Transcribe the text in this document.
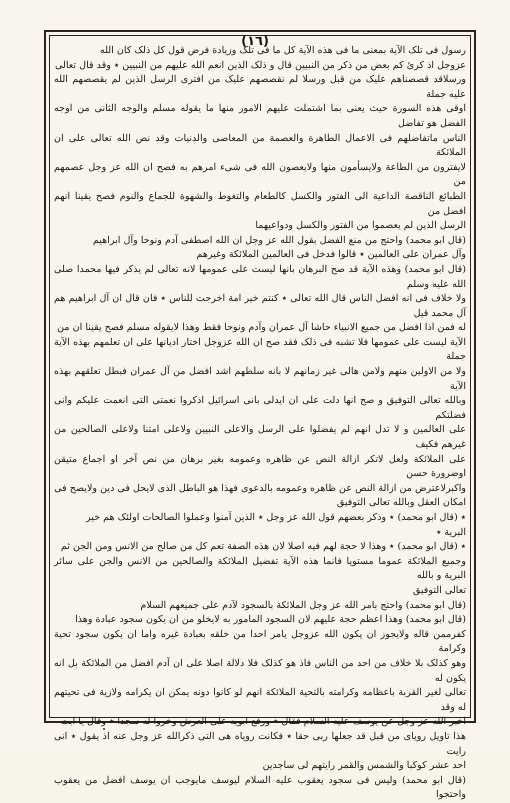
(١٦)

رسول فی تلک الآیة بمعنی ما فی هذه الآیة کل ما فی تلک وزیادة فرض قول کل ذلک کان الله

عزوجل اذ کرئ کم بعض من ذکر من النبیین قال و ذلک الذین انعم الله علیهم من النبیین ٭ وقد قال تعالی

ورسلاقد قصصناهم علیک من قبل ورسلا لم نقصصهم علیک من افتری الرسل الذین لم یقصصهم الله علیه جملة

اوقی هذه السورة حیث یعنی بما اشتملت علیهم الامور منها ما یقوله مسلم والوجه الثانی من اوجه الفضل هو تفاضل

الناس ماتفاضلهم فی الاعمال الطاهرة والعصمة من المعاصی والدنیات وقد نص الله تعالی علی ان الملائکة

لایفترون من الطاعة ولایسأمون منها ولایعصون الله فی شیء امرهم به فصح ان الله عز وجل عصمهم من

الطبائع الناقصة الداعیة الی الفتور والکسل کالطعام والتغوط والشهوة للجماع والنوم فصح یقینا انهم افضل من

الرسل الذین لم یعصموا من الفتور والکسل ودواعیهما

(قال ابو محمد) واحتج من منع الفضل بقول الله عز وجل ان الله اصطفی آدم ونوحا وآل ابراهیم

وآل عمران علی العالمین ٭ قالوا فدخل فی العالمین الملائکة وغیرهم

(قال ابو محمد) وهذه الآیة قد صح البرهان بانها لیست علی عمومها لانه تعالی لم یذکر فیها محمدا صلی الله علیه وسلم

ولا خلاف فی انه افضل الناس قال الله تعالی ٭ کنتم خیر امة اخرجت للناس ٭ فان قال ان آل ابراهیم هم آل محمد قیل

له فمن اذا افضل من جمیع الانبیاء حاشا آل عمران وآدم ونوحا فقط وهذا لایقوله مسلم فصح یقینا ان من

الآیة لیست علی عمومها فلا تشبه فی ذلک فقد صح ان الله عزوجل اختار ادیانها علی ان تعلمهم بهذه الآیة جملة

ولا من الاولین منهم ولامن هالی غیر زمانهم لا بانه سلطهم اشد افضل من آل عمران فبطل تعلقهم بهذه الآیة

وبالله تعالی التوفیق و صح انها دلت علی ان ایدلی بانی اسرائیل اذکروا نعمتی التی انعمت علیکم وانی فضلتکم

علی العالمین و لا تدل انهم لم یفضلوا علی الرسل والاعلی النبیین ولاعلی امتنا ولاعلی الصالحین من غیرهم فکیف

علی الملائکة ولعل لاتکر ازالة النص عن ظاهره وعمومه بغیر برهان من نص آخر او اجماع متیقن اوضرورة حسن

واکبرلاعترض من ازالة النص عن ظاهره وعمومه بالدعوی فهذا هو الباطل الذی لایحل فی دین ولایصح فی

امکان العقل وبالله تعالی التوفیق

٭ (قال ابو محمد) ٭ وذکر بعضهم قول الله عز وجل ٭ الذین آمنوا وعملوا الصالحات اولئک هم خیر

البریة ٭

٭ (قال ابو محمد) ٭ وهذا لا حجة لهم فیه اصلا لان هذه الصفة تعم کل من صالح من الانس ومن الجن ثم

وجمیع الملائکة عموما مستویا فانما هذه الآیة تفضیل الملائکة والصالحین من الانس والجن علی سائر البریة و بالله

تعالی التوفیق

(قال ابو محمد) واحتج بامر الله عز وجل الملائکة بالسجود لآدم علی جمیعهم السلام

(قال ابو محمد) وهذا اعظم حجة علیهم لان السجود المامور به لایخلو من ان یکون سجود عبادة وهذا

کفرممن قاله ولایجوز ان یکون الله عزوجل یامر احدا من خلقه بعبادة غیره واما ان یکون سجود تحیة وکرامة

وهو کذلک بلا خلاف من احد من الناس فاذ هو کذلک فلا دلالة اصلا علی ان آدم افضل من الملائکة بل انه یکون له

تعالی لغیر القربة باعظامه وکرامته بالتحیة الملائکة انهم لو کانوا دونه یمکن ان یکرامه ولازیة فی تحیتهم له وقد

اخبر الله عز وجل عن یوسف علیه السلام فقال ٭ ورفع ابویه علی العرش وخروا له سجدا ٭ وقال یا ابت

هذا تاویل رویای من قبل قد جعلها ربی حقا ٭ فکانت رویاه هی التی ذکرالله عز وجل عنه اذ یقول ٭ انی رایت

احد عشر کوکبا والشمس والقمر رایتهم لی ساجدین

(قال ابو محمد) ولیس فی سجود یعقوب علیه السلام لیوسف مایوجب ان یوسف افضل من یعقوب واحتجوا
